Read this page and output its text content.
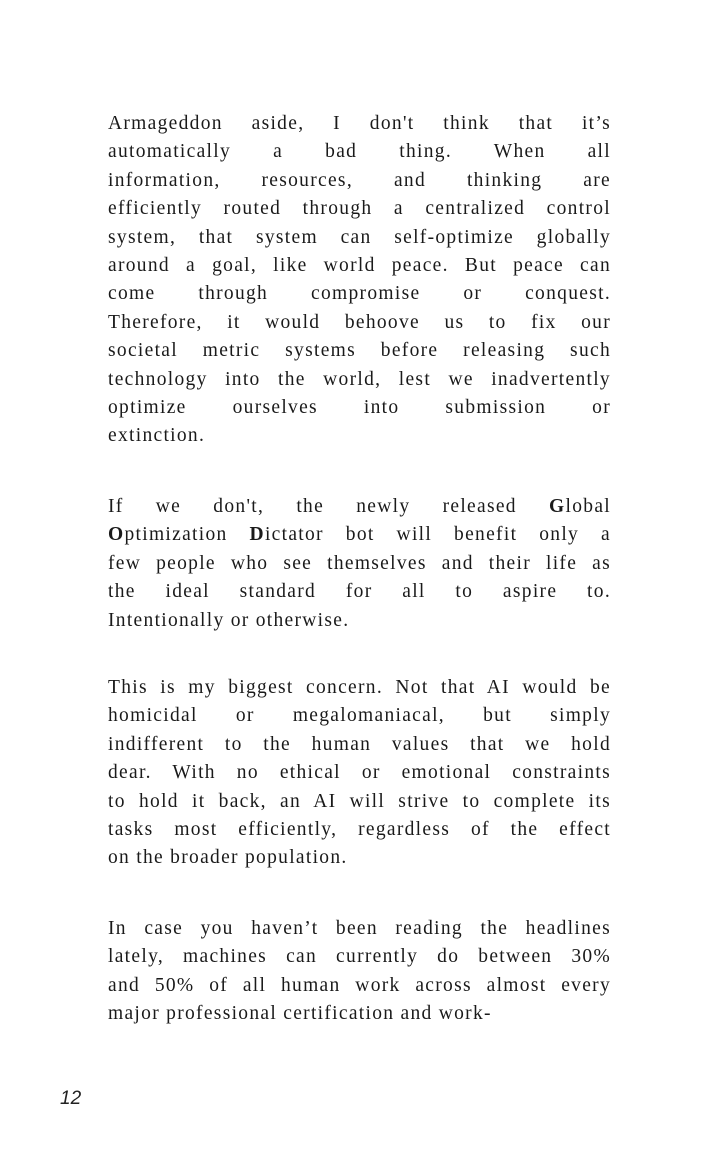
Armageddon aside, I don't think that it’s
automatically a bad thing. When all
information, resources, and thinking are
efficiently routed through a centralized control
system, that system can self-optimize globally
around a goal, like world peace. But peace can
come through compromise or conquest.
Therefore, it would behoove us to fix our
societal metric systems before releasing such
technology into the world, lest we inadvertently
optimize ourselves into submission or
extinction.
If we don't, the newly released Global
Optimization Dictator bot will benefit only a
few people who see themselves and their life as
the ideal standard for all to aspire to.
Intentionally or otherwise.
This is my biggest concern. Not that AI would be
homicidal or megalomaniacal, but simply
indifferent to the human values that we hold
dear. With no ethical or emotional constraints
to hold it back, an AI will strive to complete its
tasks most efficiently, regardless of the effect
on the broader population.
In case you haven’t been reading the headlines
lately, machines can currently do between 30%
and 50% of all human work across almost every
major professional certification and work-
12
